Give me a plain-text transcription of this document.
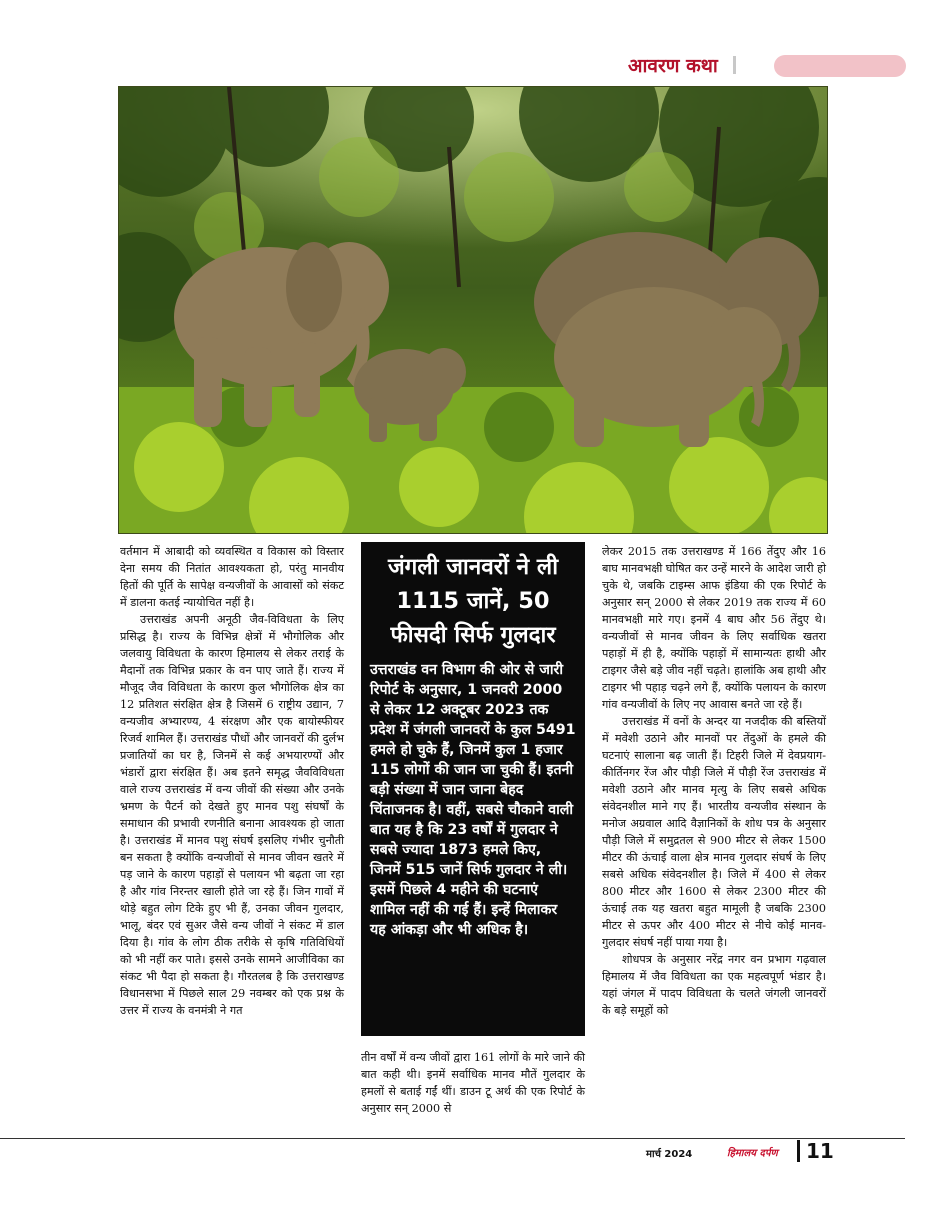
आवरण कथा

वर्तमान में आबादी को व्यवस्थित व विकास को विस्तार देना समय की नितांत आवश्यकता हो, परंतु मानवीय हितों की पूर्ति के सापेक्ष वन्यजीवों के आवासों को संकट में डालना कतई न्यायोचित नहीं है।

उत्तराखंड अपनी अनूठी जैव-विविधता के लिए प्रसिद्ध है। राज्य के विभिन्न क्षेत्रों में भौगोलिक और जलवायु विविधता के कारण हिमालय से लेकर तराई के मैदानों तक विभिन्न प्रकार के वन पाए जाते हैं। राज्य में मौजूद जैव विविधता के कारण कुल भौगोलिक क्षेत्र का 12 प्रतिशत संरक्षित क्षेत्र है जिसमें 6 राष्ट्रीय उद्यान, 7 वन्यजीव अभ्यारण्य, 4 संरक्षण और एक बायोस्फीयर रिजर्व शामिल हैं। उत्तराखंड पौधों और जानवरों की दुर्लभ प्रजातियों का घर है, जिनमें से कई अभयारण्यों और भंडारों द्वारा संरक्षित हैं। अब इतने समृद्ध जैवविविधता वाले राज्य उत्तराखंड में वन्य जीवों की संख्या और उनके भ्रमण के पैटर्न को देखते हुए मानव पशु संघर्षों के समाधान की प्रभावी रणनीति बनाना आवश्यक हो जाता है। उत्तराखंड में मानव पशु संघर्ष इसलिए गंभीर चुनौती बन सकता है क्योंकि वन्यजीवों से मानव जीवन खतरे में पड़ जाने के कारण पहाड़ों से पलायन भी बढ़ता जा रहा है और गांव निरन्तर खाली होते जा रहे हैं। जिन गावों में थोड़े बहुत लोग टिके हुए भी हैं, उनका जीवन गुलदार, भालू, बंदर एवं सुअर जैसे वन्य जीवों ने संकट में डाल दिया है। गांव के लोग ठीक तरीके से कृषि गतिविधियों को भी नहीं कर पाते। इससे उनके सामने आजीविका का संकट भी पैदा हो सकता है। गौरतलब है कि उत्तराखण्ड विधानसभा में पिछले साल 29 नवम्बर को एक प्रश्न के उत्तर में राज्य के वनमंत्री ने गत

जंगली जानवरों ने ली 1115 जानें, 50 फीसदी सिर्फ गुलदार
उत्तराखंड वन विभाग की ओर से जारी रिपोर्ट के अनुसार, 1 जनवरी 2000 से लेकर 12 अक्टूबर 2023 तक प्रदेश में जंगली जानवरों के कुल 5491 हमले हो चुके हैं, जिनमें कुल 1 हजार 115 लोगों की जान जा चुकी हैं। इतनी बड़ी संख्या में जान जाना बेहद चिंताजनक है। वहीं, सबसे चौकाने वाली बात यह है कि 23 वर्षों में गुलदार ने सबसे ज्यादा 1873 हमले किए, जिनमें 515 जानें सिर्फ गुलदार ने ली। इसमें पिछले 4 महीने की घटनाएं शामिल नहीं की गई हैं। इन्हें मिलाकर यह आंकड़ा और भी अधिक है।

तीन वर्षों में वन्य जीवों द्वारा 161 लोगों के मारे जाने की बात कही थी। इनमें सर्वाधिक मानव मौतें गुलदार के हमलों से बताई गईं थीं। डाउन टू अर्थ की एक रिपोर्ट के अनुसार सन् 2000 से

लेकर 2015 तक उत्तराखण्ड में 166 तेंदुए और 16 बाघ मानवभक्षी घोषित कर उन्हें मारने के आदेश जारी हो चुके थे, जबकि टाइम्स आफ इंडिया की एक रिपोर्ट के अनुसार सन् 2000 से लेकर 2019 तक राज्य में 60 मानवभक्षी मारे गए। इनमें 4 बाघ और 56 तेंदुए थे। वन्यजीवों से मानव जीवन के लिए सर्वाधिक खतरा पहाड़ों में ही है, क्योंकि पहाड़ों में सामान्यतः हाथी और टाइगर जैसे बड़े जीव नहीं चढ़ते। हालांकि अब हाथी और टाइगर भी पहाड़ चढ़ने लगे हैं, क्योंकि पलायन के कारण गांव वन्यजीवों के लिए नए आवास बनते जा रहे हैं।

उत्तराखंड में वनों के अन्दर या नजदीक की बस्तियों में मवेशी उठाने और मानवों पर तेंदुओं के हमले की घटनाएं सालाना बढ़ जाती हैं। टिहरी जिले में देवप्रयाग-कीर्तिनगर रेंज और पौड़ी जिले में पौड़ी रेंज उत्तराखंड में मवेशी उठाने और मानव मृत्यु के लिए सबसे अधिक संवेदनशील माने गए हैं। भारतीय वन्यजीव संस्थान के मनोज अग्रवाल आदि वैज्ञानिकों के शोध पत्र के अनुसार पौड़ी जिले में समुद्रतल से 900 मीटर से लेकर 1500 मीटर की ऊंचाई वाला क्षेत्र मानव गुलदार संघर्ष के लिए सबसे अधिक संवेदनशील है। जिले में 400 से लेकर 800 मीटर और 1600 से लेकर 2300 मीटर की ऊंचाई तक यह खतरा बहुत मामूली है जबकि 2300 मीटर से ऊपर और 400 मीटर से नीचे कोई मानव-गुलदार संघर्ष नहीं पाया गया है।

शोधपत्र के अनुसार नरेंद्र नगर वन प्रभाग गढ़वाल हिमालय में जैव विविधता का एक महत्वपूर्ण भंडार है। यहां जंगल में पादप विविधता के चलते जंगली जानवरों के बड़े समूहों को

मार्च 2024	हिमालय दर्पण 11
